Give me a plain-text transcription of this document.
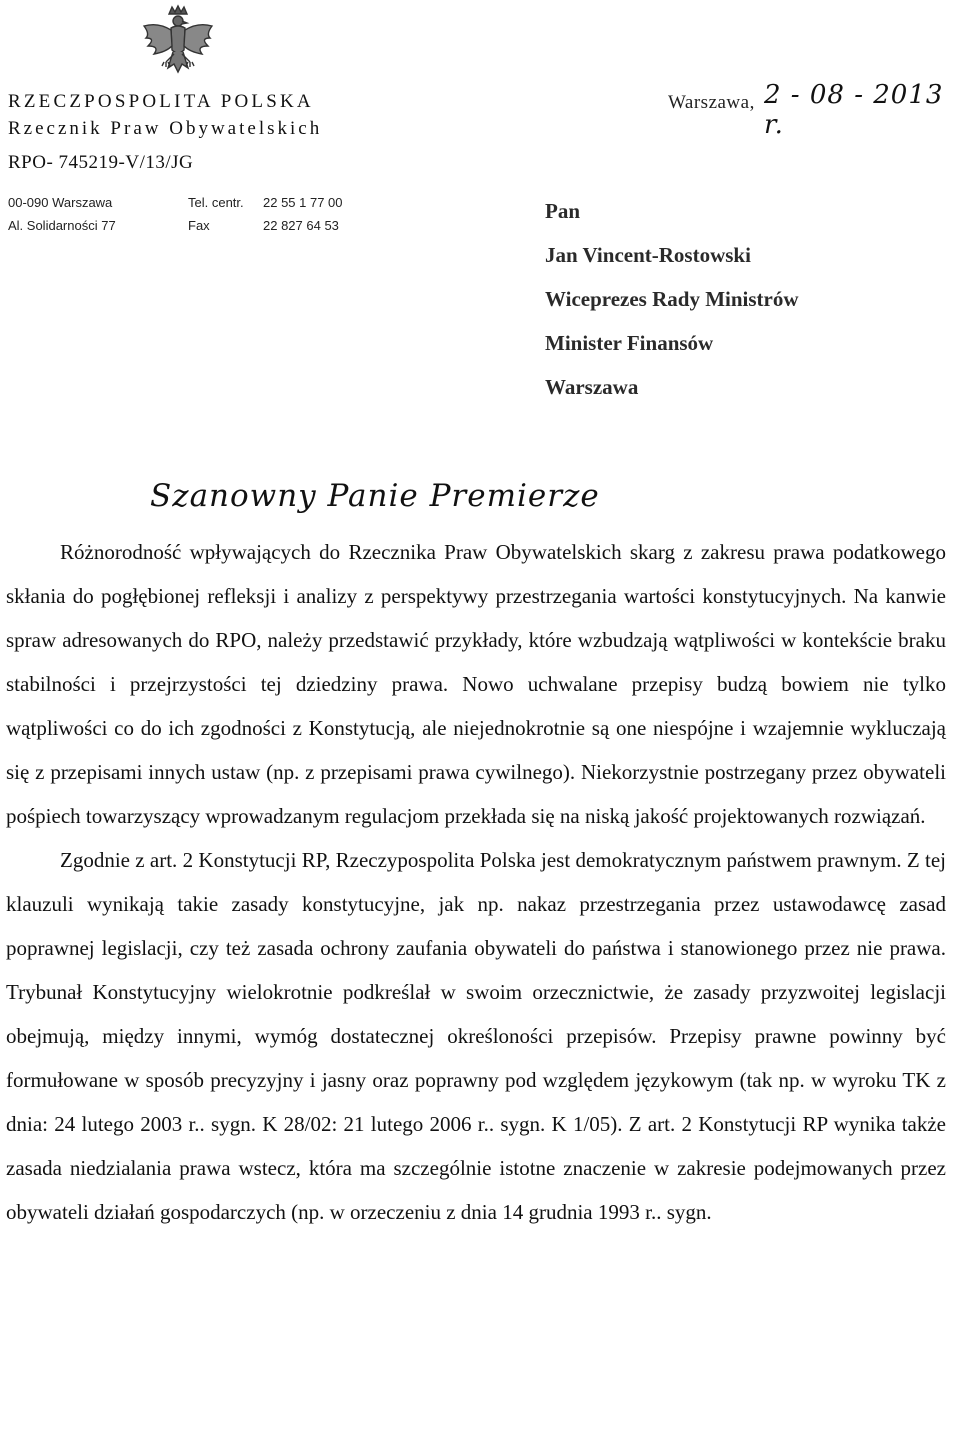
RZECZPOSPOLITA POLSKA
Rzecznik Praw Obywatelskich
RPO- 745219-V/13/JG
00-090 Warszawa
Al. Solidarności 77
Tel. centr.
Fax
22 55 1 77 00
22 827 64 53
Warszawa, 2 - 08 - 2013 r.
Pan
Jan Vincent-Rostowski
Wiceprezes Rady Ministrów
Minister Finansów
Warszawa
Szanowny Panie Premierze

Różnorodność wpływających do Rzecznika Praw Obywatelskich skarg z zakresu prawa podatkowego skłania do pogłębionej refleksji i analizy z perspektywy przestrzegania wartości konstytucyjnych. Na kanwie spraw adresowanych do RPO, należy przedstawić przykłady, które wzbudzają wątpliwości w kontekście braku stabilności i przejrzystości tej dziedziny prawa. Nowo uchwalane przepisy budzą bowiem nie tylko wątpliwości co do ich zgodności z Konstytucją, ale niejednokrotnie są one niespójne i wzajemnie wykluczają się z przepisami innych ustaw (np. z przepisami prawa cywilnego). Niekorzystnie postrzegany przez obywateli pośpiech towarzyszący wprowadzanym regulacjom przekłada się na niską jakość projektowanych rozwiązań.

Zgodnie z art. 2 Konstytucji RP, Rzeczypospolita Polska jest demokratycznym państwem prawnym. Z tej klauzuli wynikają takie zasady konstytucyjne, jak np. nakaz przestrzegania przez ustawodawcę zasad poprawnej legislacji, czy też zasada ochrony zaufania obywateli do państwa i stanowionego przez nie prawa. Trybunał Konstytucyjny wielokrotnie podkreślał w swoim orzecznictwie, że zasady przyzwoitej legislacji obejmują, między innymi, wymóg dostatecznej określoności przepisów. Przepisy prawne powinny być formułowane w sposób precyzyjny i jasny oraz poprawny pod względem językowym (tak np. w wyroku TK z dnia: 24 lutego 2003 r.. sygn. K 28/02: 21 lutego 2006 r.. sygn. K 1/05). Z art. 2 Konstytucji RP wynika także zasada niedzialania prawa wstecz, która ma szczególnie istotne znaczenie w zakresie podejmowanych przez obywateli działań gospodarczych (np. w orzeczeniu z dnia 14 grudnia 1993 r.. sygn.
